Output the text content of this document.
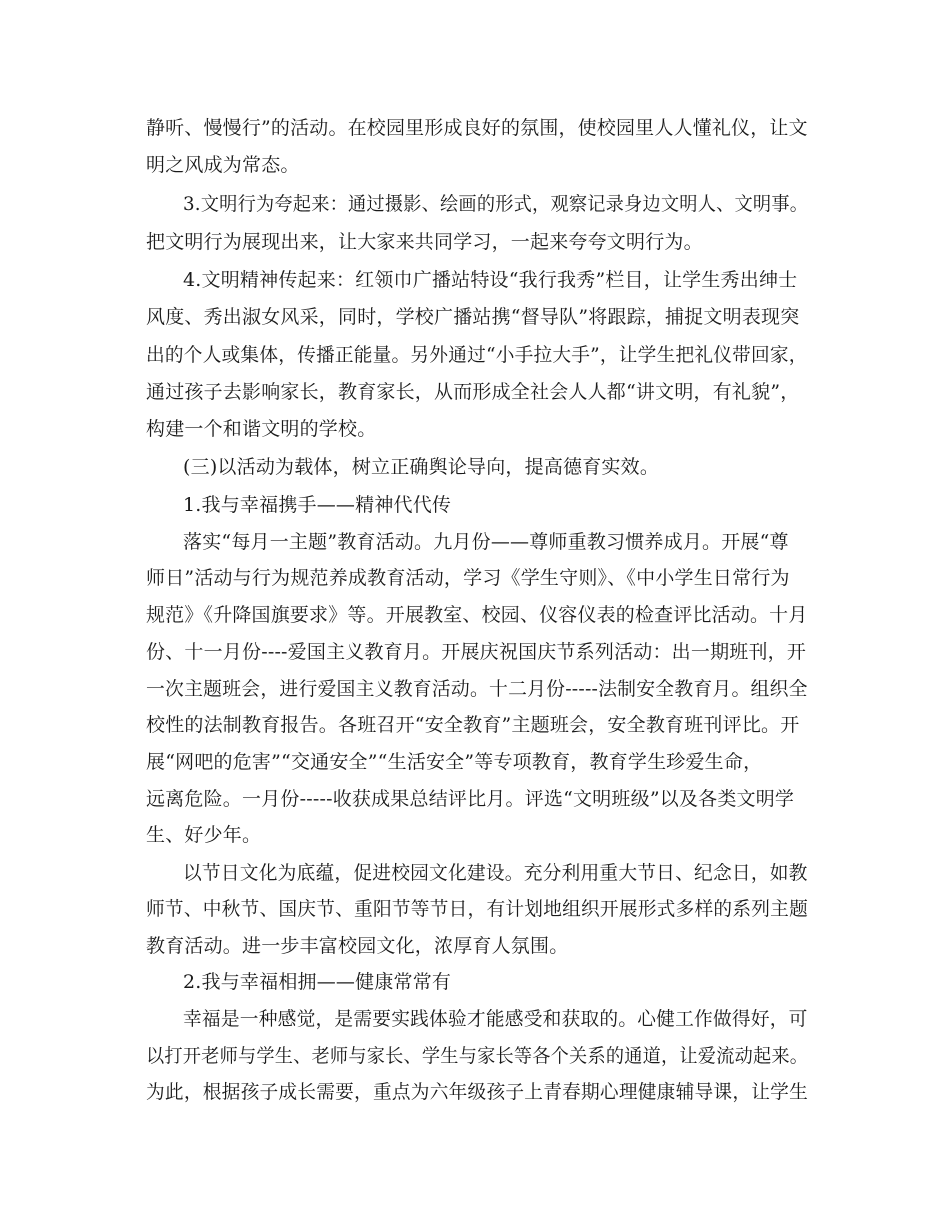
静听、慢慢行”的活动。在校园里形成良好的氛围，使校园里人人懂礼仪，让文
明之风成为常态。
3.文明行为夸起来：通过摄影、绘画的形式，观察记录身边文明人、文明事。
把文明行为展现出来，让大家来共同学习，一起来夸夸文明行为。
4.文明精神传起来：红领巾广播站特设“我行我秀”栏目，让学生秀出绅士
风度、秀出淑女风采，同时，学校广播站携“督导队”将跟踪，捕捉文明表现突
出的个人或集体，传播正能量。另外通过“小手拉大手”，让学生把礼仪带回家，
通过孩子去影响家长，教育家长，从而形成全社会人人都“讲文明，有礼貌”，
构建一个和谐文明的学校。
(三)以活动为载体，树立正确舆论导向，提高德育实效。
1.我与幸福携手——精神代代传
落实“每月一主题”教育活动。九月份——尊师重教习惯养成月。开展“尊
师日”活动与行为规范养成教育活动，学习《学生守则》、《中小学生日常行为
规范》《升降国旗要求》等。开展教室、校园、仪容仪表的检查评比活动。十月
份、十一月份----爱国主义教育月。开展庆祝国庆节系列活动：出一期班刊，开
一次主题班会，进行爱国主义教育活动。十二月份-----法制安全教育月。组织全
校性的法制教育报告。各班召开“安全教育”主题班会，安全教育班刊评比。开
展“网吧的危害”“交通安全”“生活安全”等专项教育，教育学生珍爱生命，
远离危险。一月份-----收获成果总结评比月。评选“文明班级”以及各类文明学
生、好少年。
以节日文化为底蕴，促进校园文化建设。充分利用重大节日、纪念日，如教
师节、中秋节、国庆节、重阳节等节日，有计划地组织开展形式多样的系列主题
教育活动。进一步丰富校园文化，浓厚育人氛围。
2.我与幸福相拥——健康常常有
幸福是一种感觉，是需要实践体验才能感受和获取的。心健工作做得好，可
以打开老师与学生、老师与家长、学生与家长等各个关系的通道，让爱流动起来。
为此，根据孩子成长需要，重点为六年级孩子上青春期心理健康辅导课，让学生
